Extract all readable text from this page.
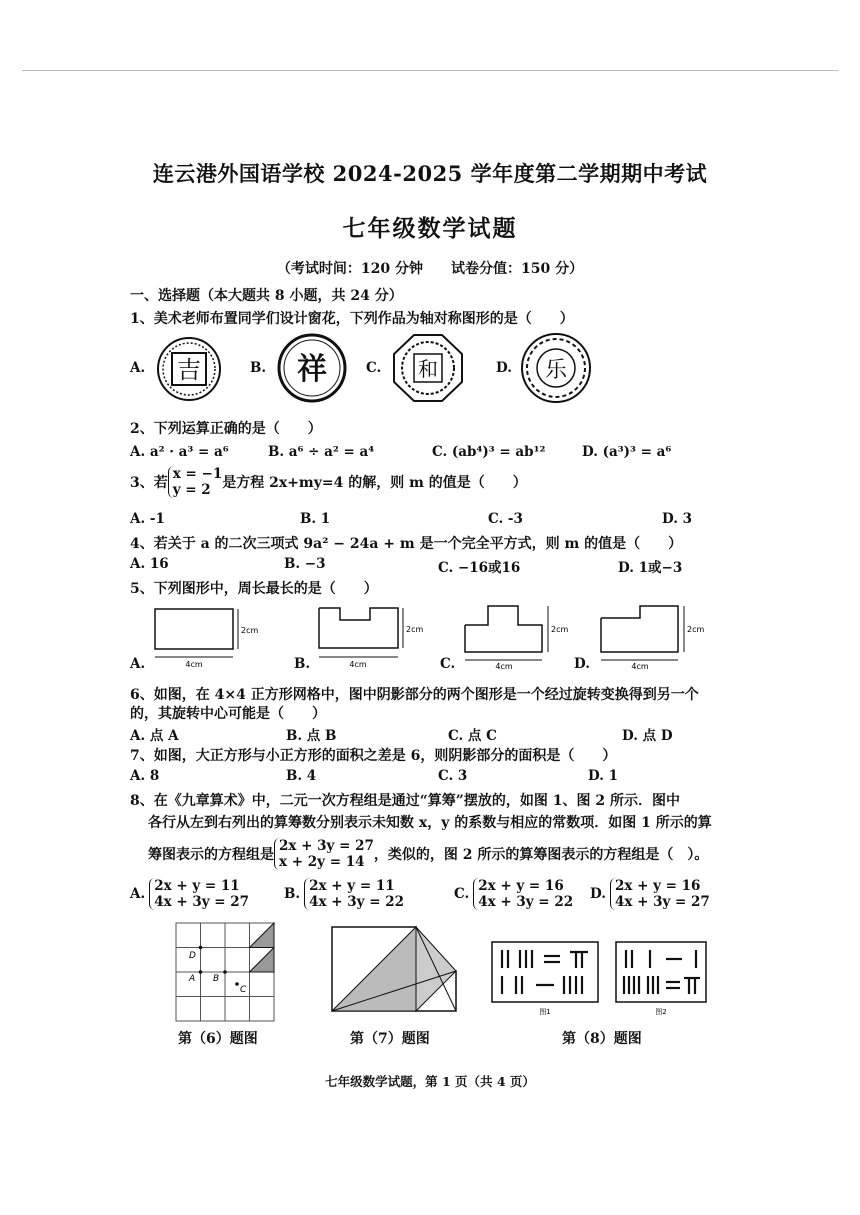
连云港外国语学校 2024-2025 学年度第二学期期中考试
七年级数学试题
（考试时间：120 分钟　　试卷分值：150 分）
一、选择题（本大题共 8 小题，共 24 分）
1、美术老师布置同学们设计窗花，下列作品为轴对称图形的是（　　）
A.	B.	C.	D.
吉	祥	和	乐
2、下列运算正确的是（　　）
A. a² · a³ = a⁶	B. a⁶ ÷ a² = a⁴	C. (ab⁴)³ = ab¹²	D. (a³)³ = a⁶
3、若
x = −1
y = 2 是方程 2x+my=4 的解，则 m 的值是（　　）
A. -1	B. 1	C. -3	D. 3
4、若关于 a 的二次三项式 9a² − 24a + m 是一个完全平方式，则 m 的值是（　　）
A. 16	B. −3	C. −16或16	D. 1或−3
5、下列图形中，周长最长的是（　　）
A.	B.	C.	D.
2cm
4cm
2cm
4cm
2cm
4cm
2cm
4cm
6、如图，在 4×4 正方形网格中，图中阴影部分的两个图形是一个经过旋转变换得到另一个
的，其旋转中心可能是（　　）
A. 点 A	B. 点 B	C. 点 C	D. 点 D
7、如图，大正方形与小正方形的面积之差是 6，则阴影部分的面积是（　　）
A. 8	B. 4	C. 3	D. 1
8、在《九章算术》中，二元一次方程组是通过“算筹”摆放的，如图 1、图 2 所示．图中
各行从左到右列出的算筹数分别表示未知数 x，y 的系数与相应的常数项．如图 1 所示的算
筹图表示的方程组是
2x + 3y = 27
x + 2y = 14 ，类似的，图 2 所示的算筹图表示的方程组是（　）。
A. 2x + y = 11
4x + 3y = 27	B. 2x + y = 11
4x + 3y = 22	C. 2x + y = 16
4x + 3y = 22 D. 2x + y = 16
4x + 3y = 27
A B
C
D
图1	图2
第（6）题图	第（7）题图	第（8）题图
七年级数学试题，第 1 页（共 4 页）
